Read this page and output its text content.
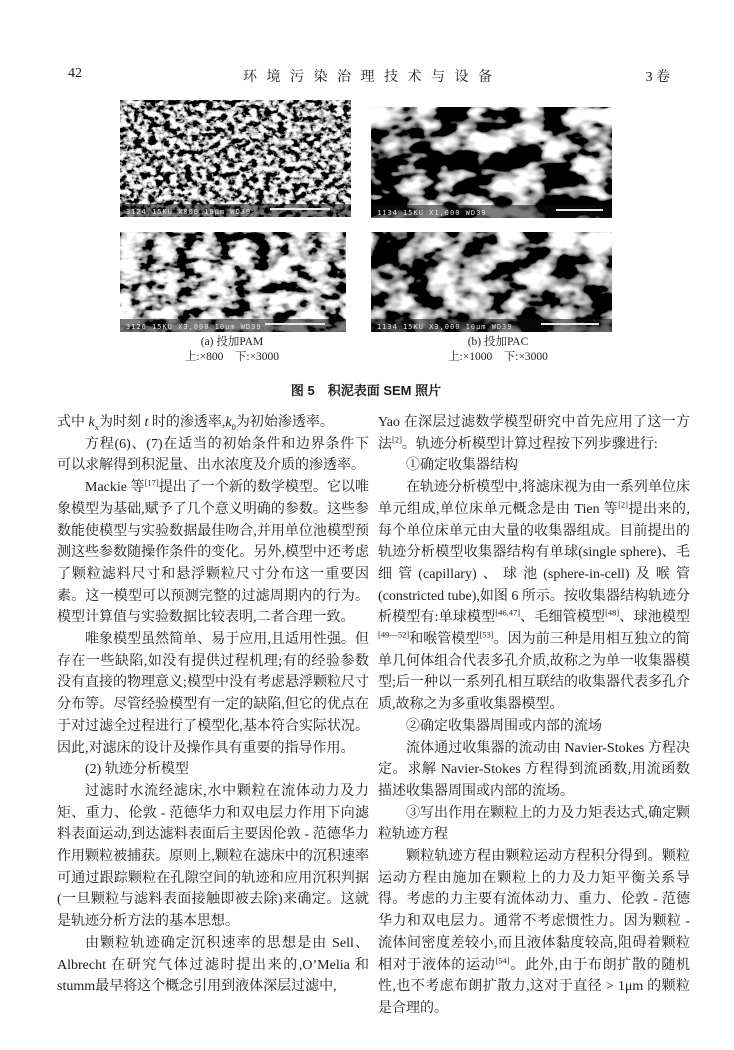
42	环 境 污 染 治 理 技 术 与 设 备	3 卷
3124 15KU X800 10μm WD39	1134 15KU X1,000 WD39
3126 15KU X3,000 10μm WD39	1134 15KU X3,000 10μm WD39
(a) 投加PAM
上:×800　下:×3000
(b) 投加PAC
上:×1000　下:×3000
图 5　积泥表面 SEM 照片

式中 $k_x$为时刻 t 时的渗透率$,k_0$为初始渗透率。

方程(6)、(7)在适当的初始条件和边界条件下可以求解得到积泥量、出水浓度及介质的渗透率。

Mackie 等[17]提出了一个新的数学模型。它以唯象模型为基础,赋予了几个意义明确的参数。这些参数能使模型与实验数据最佳吻合,并用单位池模型预测这些参数随操作条件的变化。另外,模型中还考虑了颗粒滤料尺寸和悬浮颗粒尺寸分布这一重要因素。这一模型可以预测完整的过滤周期内的行为。模型计算值与实验数据比较表明,二者合理一致。

唯象模型虽然简单、易于应用,且适用性强。但存在一些缺陷,如没有提供过程机理;有的经验参数没有直接的物理意义;模型中没有考虑悬浮颗粒尺寸分布等。尽管经验模型有一定的缺陷,但它的优点在于对过滤全过程进行了模型化,基本符合实际状况。因此,对滤床的设计及操作具有重要的指导作用。

(2) 轨迹分析模型

过滤时水流经滤床,水中颗粒在流体动力及力矩、重力、伦敦 - 范德华力和双电层力作用下向滤料表面运动,到达滤料表面后主要因伦敦 - 范德华力作用颗粒被捕获。原则上,颗粒在滤床中的沉积速率可通过跟踪颗粒在孔隙空间的轨迹和应用沉积判据(一旦颗粒与滤料表面接触即被去除)来确定。这就是轨迹分析方法的基本思想。

由颗粒轨迹确定沉积速率的思想是由 Sell、Albrecht 在研究气体过滤时提出来的,O’Melia 和 stumm最早将这个概念引用到液体深层过滤中,

Yao 在深层过滤数学模型研究中首先应用了这一方法[2]。轨迹分析模型计算过程按下列步骤进行:

①确定收集器结构

在轨迹分析模型中,将滤床视为由一系列单位床单元组成,单位床单元概念是由 Tien 等[2]提出来的,每个单位床单元由大量的收集器组成。目前提出的轨迹分析模型收集器结构有单球(single sphere)、毛细管(capillary)、球池(sphere-in-cell)及喉管(constricted tube),如图 6 所示。按收集器结构轨迹分析模型有:单球模型[46,47]、毛细管模型[48]、球池模型[49—52]和喉管模型[53]。因为前三种是用相互独立的简单几何体组合代表多孔介质,故称之为单一收集器模型;后一种以一系列孔相互联结的收集器代表多孔介质,故称之为多重收集器模型。

②确定收集器周围或内部的流场

流体通过收集器的流动由 Navier-Stokes 方程决定。求解 Navier-Stokes 方程得到流函数,用流函数描述收集器周围或内部的流场。

③写出作用在颗粒上的力及力矩表达式,确定颗粒轨迹方程

颗粒轨迹方程由颗粒运动方程积分得到。颗粒运动方程由施加在颗粒上的力及力矩平衡关系导得。考虑的力主要有流体动力、重力、伦敦 - 范德华力和双电层力。通常不考虑惯性力。因为颗粒 - 流体间密度差较小,而且液体黏度较高,阻碍着颗粒相对于液体的运动[54]。此外,由于布朗扩散的随机性,也不考虑布朗扩散力,这对于直径 > 1μm 的颗粒是合理的。
